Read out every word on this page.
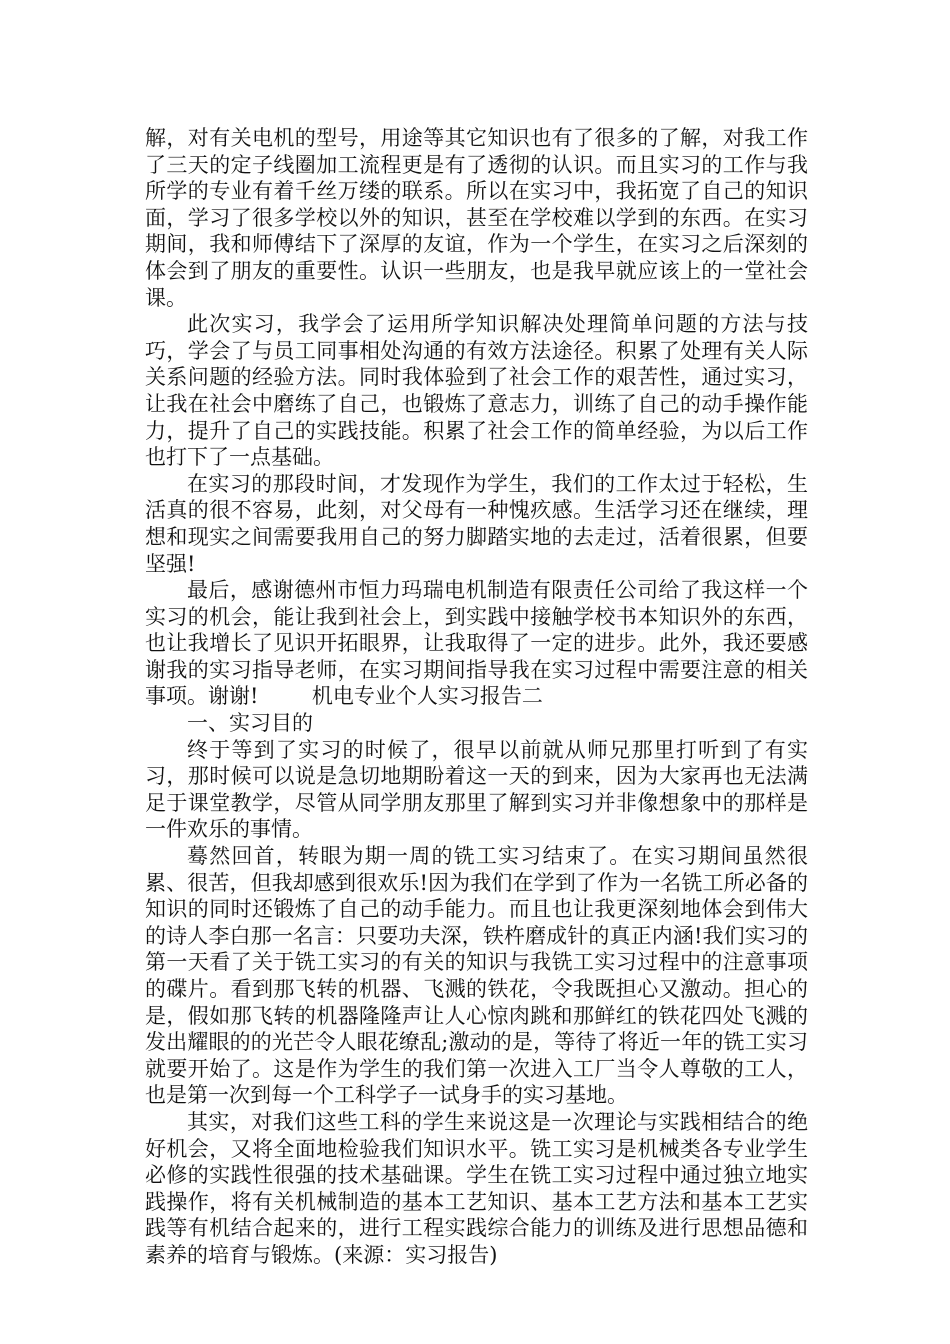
解，对有关电机的型号，用途等其它知识也有了很多的了解，对我工作了三天的定子线圈加工流程更是有了透彻的认识。而且实习的工作与我所学的专业有着千丝万缕的联系。所以在实习中，我拓宽了自己的知识面，学习了很多学校以外的知识，甚至在学校难以学到的东西。在实习期间，我和师傅结下了深厚的友谊，作为一个学生，在实习之后深刻的体会到了朋友的重要性。认识一些朋友，也是我早就应该上的一堂社会课。

此次实习，我学会了运用所学知识解决处理简单问题的方法与技巧，学会了与员工同事相处沟通的有效方法途径。积累了处理有关人际关系问题的经验方法。同时我体验到了社会工作的艰苦性，通过实习，让我在社会中磨练了自己，也锻炼了意志力，训练了自己的动手操作能力，提升了自己的实践技能。积累了社会工作的简单经验，为以后工作也打下了一点基础。

在实习的那段时间，才发现作为学生，我们的工作太过于轻松，生活真的很不容易，此刻，对父母有一种愧疚感。生活学习还在继续，理想和现实之间需要我用自己的努力脚踏实地的去走过，活着很累，但要坚强!

最后，感谢德州市恒力玛瑞电机制造有限责任公司给了我这样一个实习的机会，能让我到社会上，到实践中接触学校书本知识外的东西，也让我增长了见识开拓眼界，让我取得了一定的进步。此外，我还要感谢我的实习指导老师，在实习期间指导我在实习过程中需要注意的相关事项。谢谢!	机电专业个人实习报告二

一、实习目的

终于等到了实习的时候了，很早以前就从师兄那里打听到了有实习，那时候可以说是急切地期盼着这一天的到来，因为大家再也无法满足于课堂教学，尽管从同学朋友那里了解到实习并非像想象中的那样是一件欢乐的事情。

蓦然回首，转眼为期一周的铣工实习结束了。在实习期间虽然很累、很苦，但我却感到很欢乐!因为我们在学到了作为一名铣工所必备的知识的同时还锻炼了自己的动手能力。而且也让我更深刻地体会到伟大的诗人李白那一名言：只要功夫深，铁杵磨成针的真正内涵!我们实习的第一天看了关于铣工实习的有关的知识与我铣工实习过程中的注意事项的碟片。看到那飞转的机器、飞溅的铁花，令我既担心又激动。担心的是，假如那飞转的机器隆隆声让人心惊肉跳和那鲜红的铁花四处飞溅的发出耀眼的的光芒令人眼花缭乱;激动的是，等待了将近一年的铣工实习就要开始了。这是作为学生的我们第一次进入工厂当令人尊敬的工人，也是第一次到每一个工科学子一试身手的实习基地。

其实，对我们这些工科的学生来说这是一次理论与实践相结合的绝好机会，又将全面地检验我们知识水平。铣工实习是机械类各专业学生必修的实践性很强的技术基础课。学生在铣工实习过程中通过独立地实践操作，将有关机械制造的基本工艺知识、基本工艺方法和基本工艺实践等有机结合起来的，进行工程实践综合能力的训练及进行思想品德和素养的培育与锻炼。(来源：实习报告)
